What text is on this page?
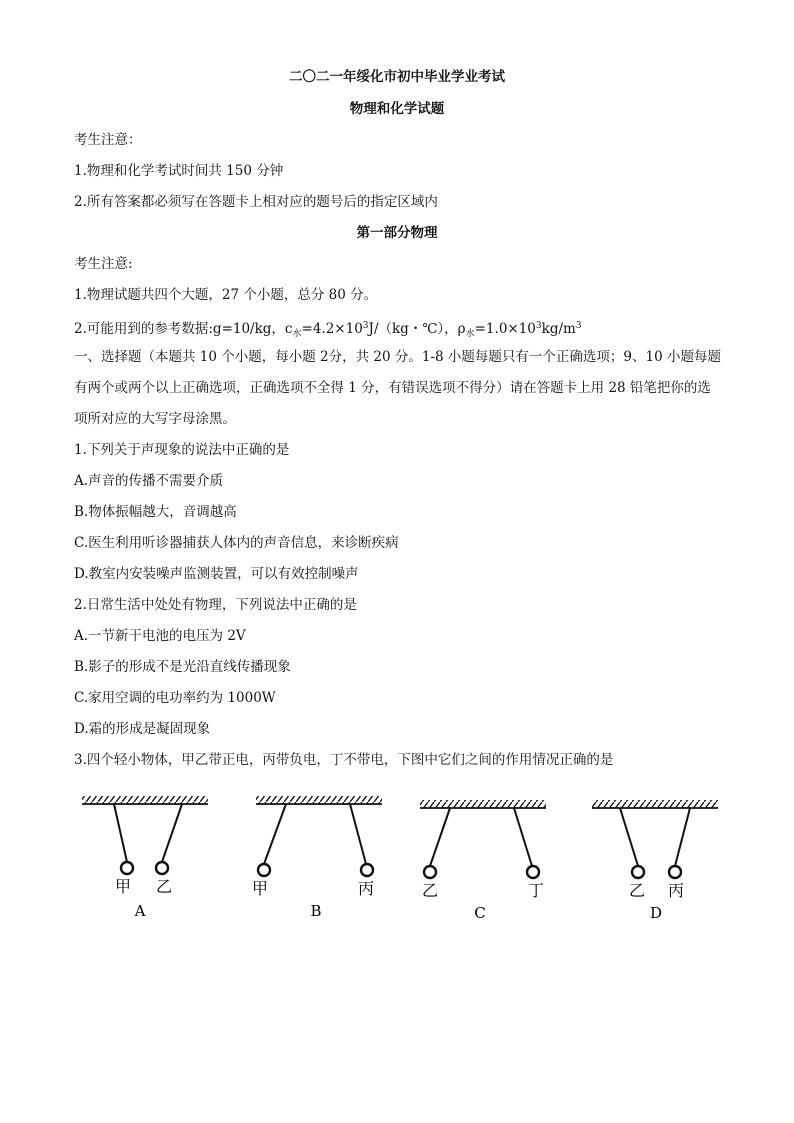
二〇二一年绥化市初中毕业学业考试
物理和化学试题
考生注意：
1.物理和化学考试时间共 150 分钟
2.所有答案都必须写在答题卡上相对应的题号后的指定区域内
第一部分物理
考生注意:
1.物理试题共四个大题，27 个小题，总分 80 分。
2.可能用到的参考数据:g=10/kg，$c_水=4.2\times 10^3J/(kg$・℃），$\rho_水=1.0\times 10^3kg/m^3$
一、选择题（本题共 10 个小题，每小题 2分，共 20 分。1-8 小题每题只有一个正确选项；9、10 小题每题
有两个或两个以上正确选项，正确选项不全得 1 分，有错误选项不得分）请在答题卡上用 28 铅笔把你的选
项所对应的大写字母涂黑。
1.下列关于声现象的说法中正确的是
A.声音的传播不需要介质
B.物体振幅越大，音调越高
C.医生利用听诊器捕获人体内的声音信息，来诊断疾病
D.教室内安装噪声监测装置，可以有效控制噪声
2.日常生活中处处有物理，下列说法中正确的是
A.一节新干电池的电压为 2V
B.影子的形成不是光沿直线传播现象
C.家用空调的电功率约为 1000W
D.霜的形成是凝固现象
3.四个轻小物体，甲乙带正电，丙带负电，丁不带电，下图中它们之间的作用情况正确的是
甲 乙
A
甲	丙
B
乙	丁
C
乙 丙
D
